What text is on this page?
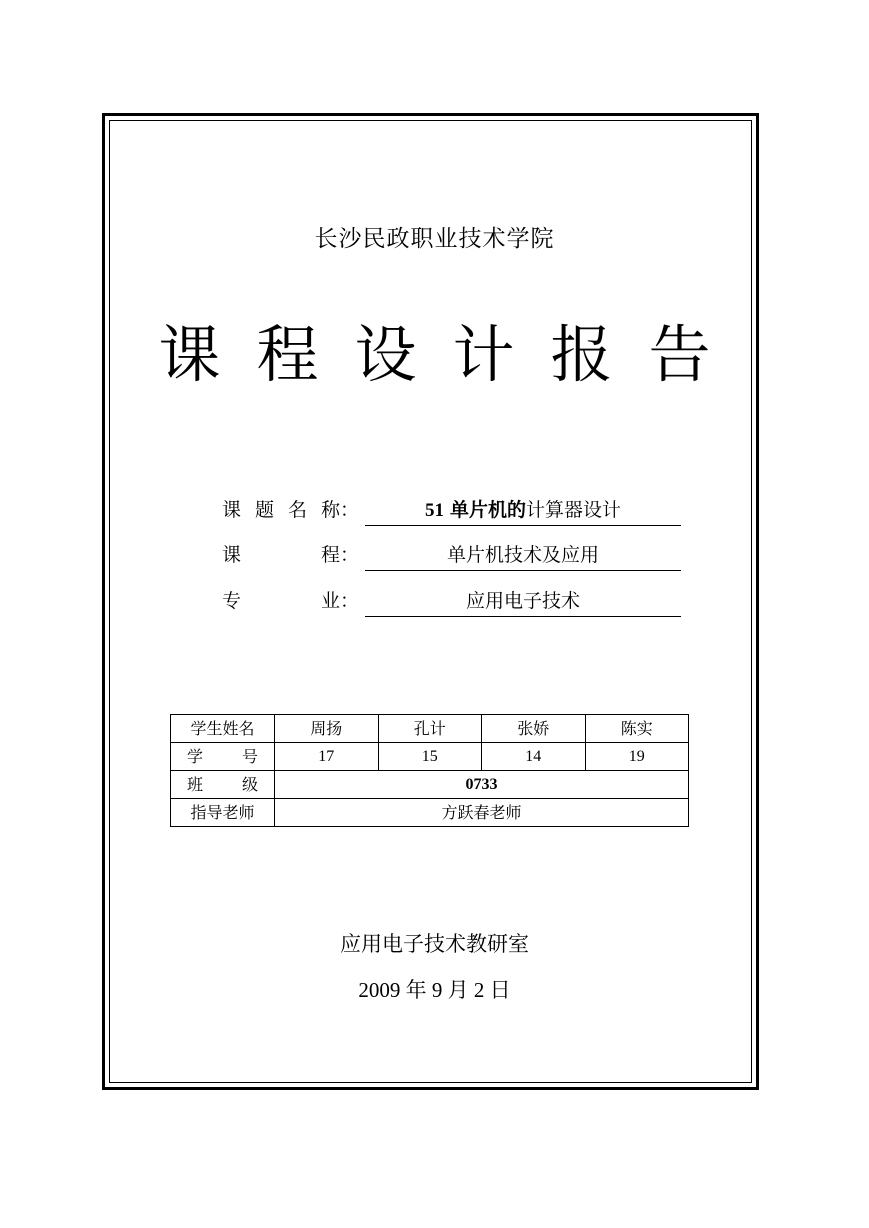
长沙民政职业技术学院
课程设计报告
课 题 名 称：	51 单片机的计算器设计
课	程：	单片机技术及应用
专	业：	应用电子技术
学生姓名	周扬	孔计	张娇	陈实

学 号	17	15	14	19

班 级	0733			
指导老师	方跃春老师			
应用电子技术教研室
2009 年 9 月 2 日
